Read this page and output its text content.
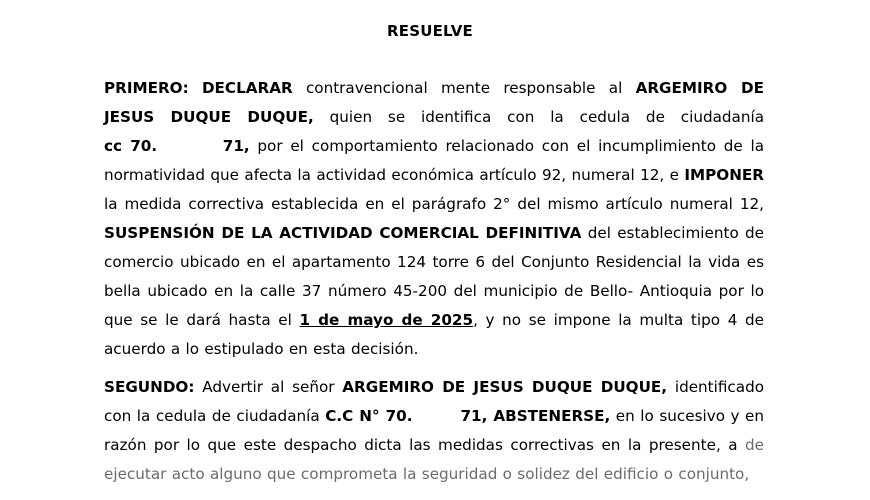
RESUELVE
PRIMERO: DECLARAR contravencional mente responsable al ARGEMIRO DE JESUS DUQUE DUQUE, quien se identifica con la cedula de ciudadanía cc 70.        71, por el comportamiento relacionado con el incumplimiento de la normatividad que afecta la actividad económica artículo 92, numeral 12, e IMPONER la medida correctiva establecida en el parágrafo 2° del mismo artículo numeral 12, SUSPENSIÓN DE LA ACTIVIDAD COMERCIAL DEFINITIVA del establecimiento de comercio ubicado en el apartamento 124 torre 6 del Conjunto Residencial la vida es bella ubicado en la calle 37 número 45-200 del municipio de Bello- Antioquia por lo que se le dará hasta el 1 de mayo de 2025, y no se impone la multa tipo 4 de acuerdo a lo estipulado en esta decisión.
SEGUNDO: Advertir al señor ARGEMIRO DE JESUS DUQUE DUQUE, identificado con la cedula de ciudadanía C.C N° 70.        71, ABSTENERSE, en lo sucesivo y en razón por lo que este despacho dicta las medidas correctivas en la presente, a de ejecutar acto alguno que comprometa la seguridad o solidez del edificio o conjunto,
